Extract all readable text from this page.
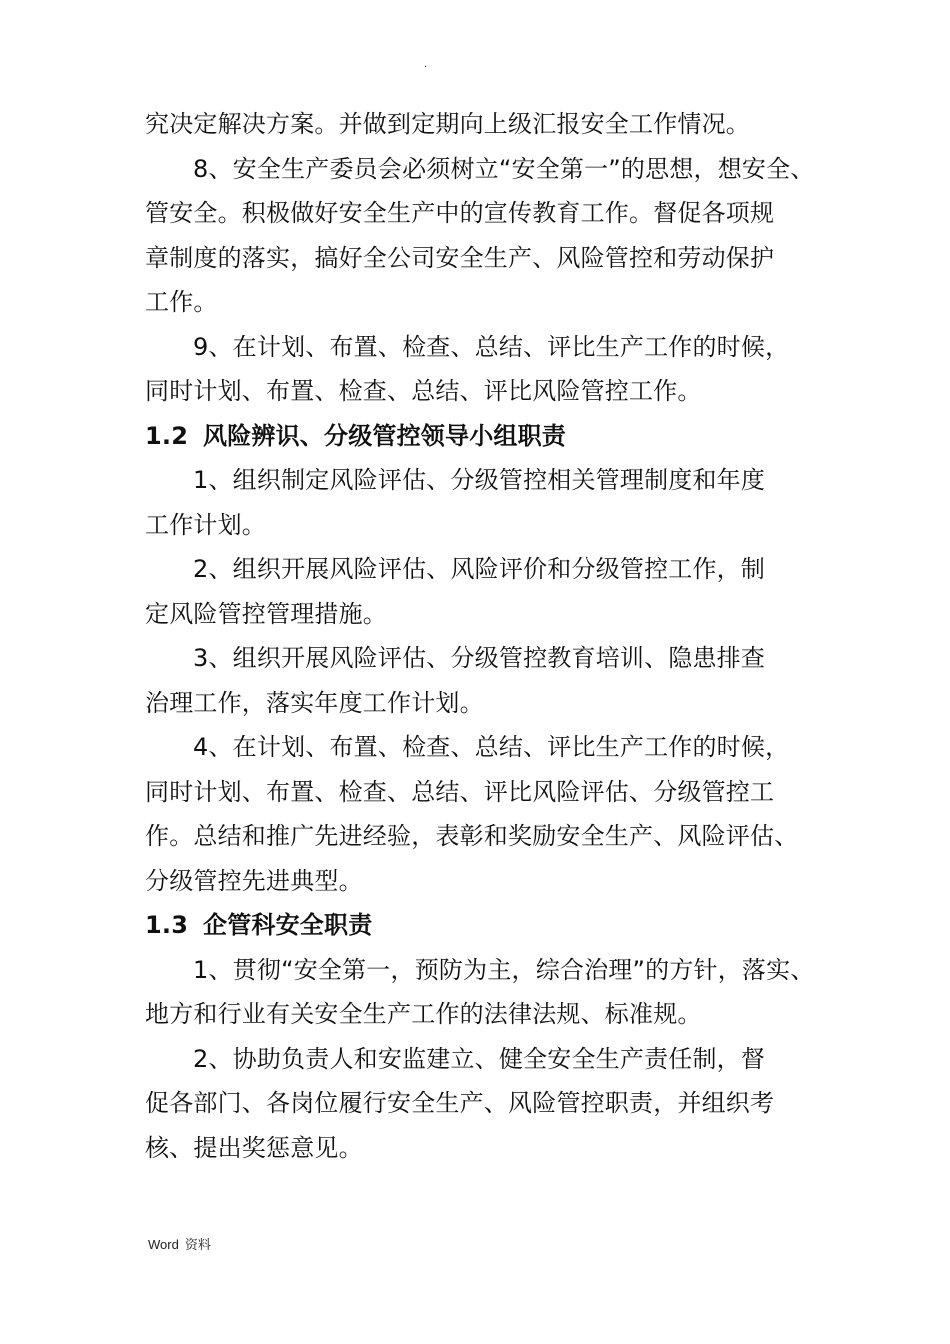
.
究决定解决方案。并做到定期向上级汇报安全工作情况。
8、安全生产委员会必须树立“安全第一”的思想，想安全、
管安全。积极做好安全生产中的宣传教育工作。督促各项规
章制度的落实，搞好全公司安全生产、风险管控和劳动保护
工作。
9、在计划、布置、检查、总结、评比生产工作的时候，
同时计划、布置、检查、总结、评比风险管控工作。
1.2 风险辨识、分级管控领导小组职责
1、组织制定风险评估、分级管控相关管理制度和年度
工作计划。
2、组织开展风险评估、风险评价和分级管控工作，制
定风险管控管理措施。
3、组织开展风险评估、分级管控教育培训、隐患排查
治理工作，落实年度工作计划。
4、在计划、布置、检查、总结、评比生产工作的时候，
同时计划、布置、检查、总结、评比风险评估、分级管控工
作。总结和推广先进经验，表彰和奖励安全生产、风险评估、
分级管控先进典型。
1.3 企管科安全职责
1、贯彻“安全第一，预防为主，综合治理”的方针，落实、
地方和行业有关安全生产工作的法律法规、标准规。
2、协助负责人和安监建立、健全安全生产责任制，督
促各部门、各岗位履行安全生产、风险管控职责，并组织考
核、提出奖惩意见。
Word 资料
